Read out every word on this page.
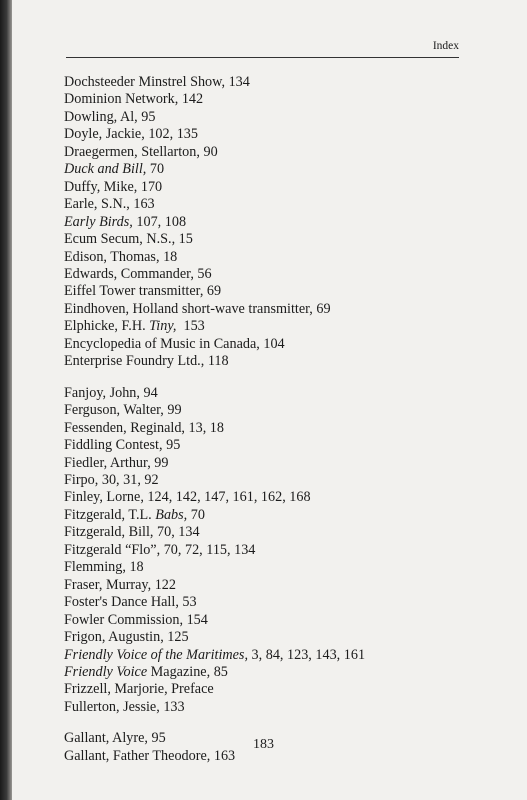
Index
Dochsteeder Minstrel Show, 134
Dominion Network, 142
Dowling, Al, 95
Doyle, Jackie, 102, 135
Draegermen, Stellarton, 90
Duck and Bill, 70
Duffy, Mike, 170
Earle, S.N., 163
Early Birds, 107, 108
Ecum Secum, N.S., 15
Edison, Thomas, 18
Edwards, Commander, 56
Eiffel Tower transmitter, 69
Eindhoven, Holland short-wave transmitter, 69
Elphicke, F.H. Tiny,  153
Encyclopedia of Music in Canada, 104
Enterprise Foundry Ltd., 118
Fanjoy, John, 94
Ferguson, Walter, 99
Fessenden, Reginald, 13, 18
Fiddling Contest, 95
Fiedler, Arthur, 99
Firpo, 30, 31, 92
Finley, Lorne, 124, 142, 147, 161, 162, 168
Fitzgerald, T.L. Babs, 70
Fitzgerald, Bill, 70, 134
Fitzgerald “Flo”, 70, 72, 115, 134
Flemming, 18
Fraser, Murray, 122
Foster's Dance Hall, 53
Fowler Commission, 154
Frigon, Augustin, 125
Friendly Voice of the Maritimes, 3, 84, 123, 143, 161
Friendly Voice Magazine, 85
Frizzell, Marjorie, Preface
Fullerton, Jessie, 133
Gallant, Alyre, 95
Gallant, Father Theodore, 163
183
